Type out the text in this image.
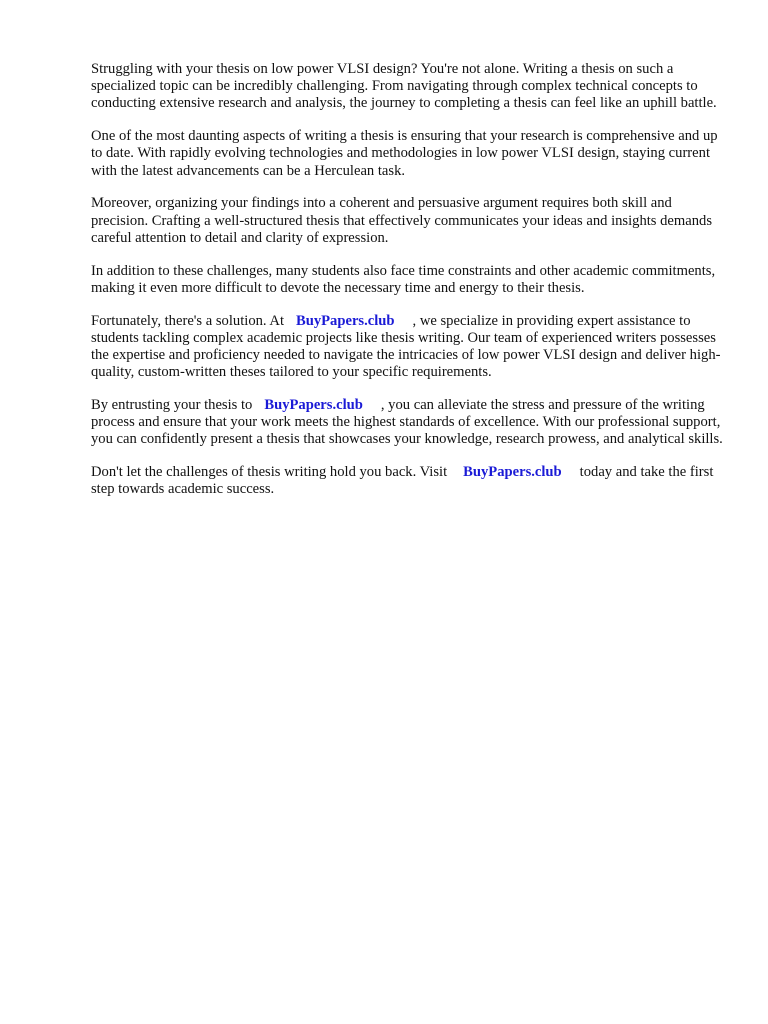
Struggling with your thesis on low power VLSI design? You're not alone. Writing a thesis on such a specialized topic can be incredibly challenging. From navigating through complex technical concepts to conducting extensive research and analysis, the journey to completing a thesis can feel like an uphill battle.

One of the most daunting aspects of writing a thesis is ensuring that your research is comprehensive and up to date. With rapidly evolving technologies and methodologies in low power VLSI design, staying current with the latest advancements can be a Herculean task.

Moreover, organizing your findings into a coherent and persuasive argument requires both skill and precision. Crafting a well-structured thesis that effectively communicates your ideas and insights demands careful attention to detail and clarity of expression.

In addition to these challenges, many students also face time constraints and other academic commitments, making it even more difficult to devote the necessary time and energy to their thesis.

Fortunately, there's a solution. At BuyPapers.club , we specialize in providing expert assistance to students tackling complex academic projects like thesis writing. Our team of experienced writers possesses the expertise and proficiency needed to navigate the intricacies of low power VLSI design and deliver high-quality, custom-written theses tailored to your specific requirements.

By entrusting your thesis to BuyPapers.club , you can alleviate the stress and pressure of the writing process and ensure that your work meets the highest standards of excellence. With our professional support, you can confidently present a thesis that showcases your knowledge, research prowess, and analytical skills.

Don't let the challenges of thesis writing hold you back. Visit BuyPapers.club today and take the first step towards academic success.
